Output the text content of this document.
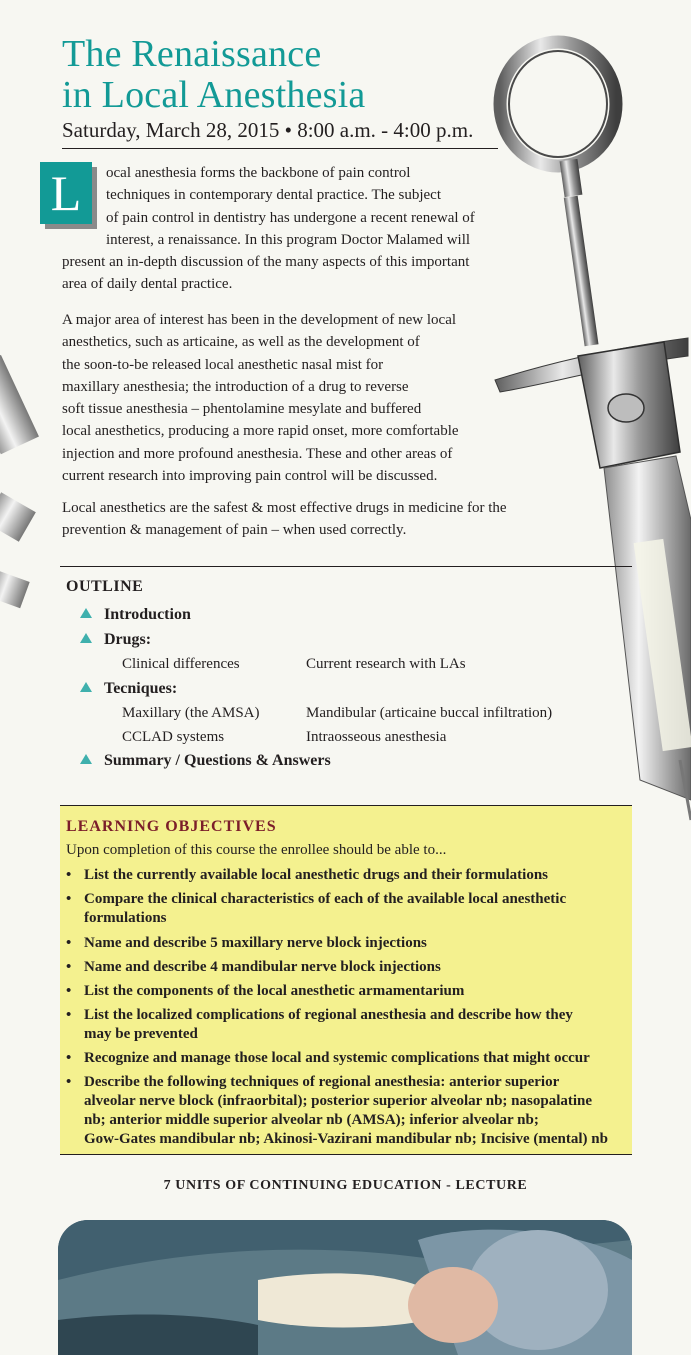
The Renaissance
in Local Anesthesia
Saturday, March 28, 2015 • 8:00 a.m. - 4:00 p.m.
L	ocal anesthesia forms the backbone of pain control
techniques in contemporary dental practice. The subject
of pain control in dentistry has undergone a recent renewal of
interest, a renaissance. In this program Doctor Malamed will
present an in-depth discussion of the many aspects of this important
area of daily dental practice.
A major area of interest has been in the development of new local
anesthetics, such as articaine, as well as the development of
the soon-to-be released local anesthetic nasal mist for
maxillary anesthesia; the introduction of a drug to reverse
soft tissue anesthesia – phentolamine mesylate and buffered
local anesthetics, producing a more rapid onset, more comfortable
injection and more profound anesthesia. These and other areas of
current research into improving pain control will be discussed.
Local anesthetics are the safest & most effective drugs in medicine for the
prevention & management of pain – when used correctly.
OUTLINE
Introduction
Drugs:
Clinical differences	Current research with LAs
Tecniques:
Maxillary (the AMSA)	Mandibular (articaine buccal infiltration)
CCLAD systems	Intraosseous anesthesia
Summary / Questions & Answers
LEARNING OBJECTIVES
Upon completion of this course the enrollee should be able to...
• List the currently available local anesthetic drugs and their formulations
• Compare the clinical characteristics of each of the available local anesthetic
formulations
• Name and describe 5 maxillary nerve block injections
• Name and describe 4 mandibular nerve block injections
• List the components of the local anesthetic armamentarium
• List the localized complications of regional anesthesia and describe how they
may be prevented
• Recognize and manage those local and systemic complications that might occur
• Describe the following techniques of regional anesthesia: anterior superior
alveolar nerve block (infraorbital); posterior superior alveolar nb; nasopalatine
nb; anterior middle superior alveolar nb (AMSA); inferior alveolar nb;
Gow-Gates mandibular nb; Akinosi-Vazirani mandibular nb; Incisive (mental) nb
7 UNITS OF CONTINUING EDUCATION - LECTURE
